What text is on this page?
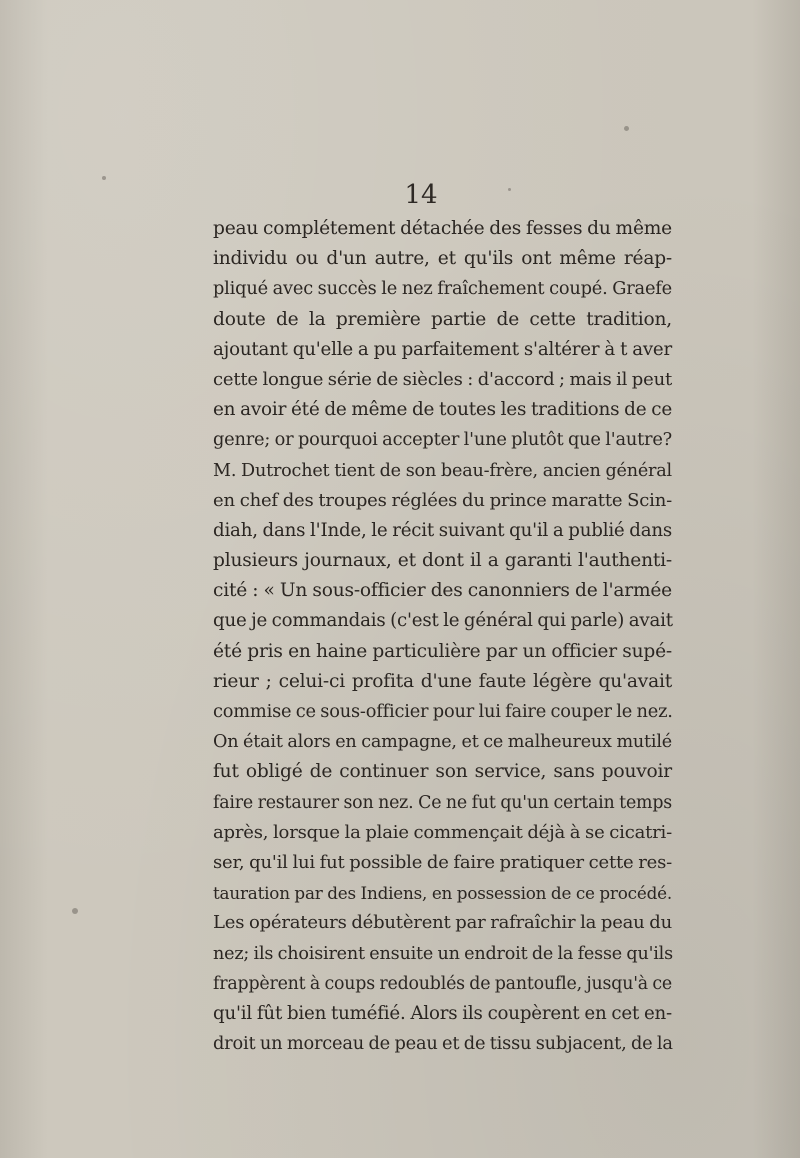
14
peau complétement détachée des fesses du même
individu ou d'un autre, et qu'ils ont même réap-
pliqué avec succès le nez fraîchement coupé. Graefe
doute de la première partie de cette tradition,
ajoutant qu'elle a pu parfaitement s'altérer à t aver
cette longue série de siècles : d'accord ; mais il peut
en avoir été de même de toutes les traditions de ce
genre; or pourquoi accepter l'une plutôt que l'autre?
M. Dutrochet tient de son beau-frère, ancien général
en chef des troupes réglées du prince maratte Scin-
diah, dans l'Inde, le récit suivant qu'il a publié dans
plusieurs journaux, et dont il a garanti l'authenti-
cité : « Un sous-officier des canonniers de l'armée
que je commandais (c'est le général qui parle) avait
été pris en haine particulière par un officier supé-
rieur ; celui-ci profita d'une faute légère qu'avait
commise ce sous-officier pour lui faire couper le nez.
On était alors en campagne, et ce malheureux mutilé
fut obligé de continuer son service, sans pouvoir
faire restaurer son nez. Ce ne fut qu'un certain temps
après, lorsque la plaie commençait déjà à se cicatri-
ser, qu'il lui fut possible de faire pratiquer cette res-
tauration par des Indiens, en possession de ce procédé.
Les opérateurs débutèrent par rafraîchir la peau du
nez; ils choisirent ensuite un endroit de la fesse qu'ils
frappèrent à coups redoublés de pantoufle, jusqu'à ce
qu'il fût bien tuméfié. Alors ils coupèrent en cet en-
droit un morceau de peau et de tissu subjacent, de la
